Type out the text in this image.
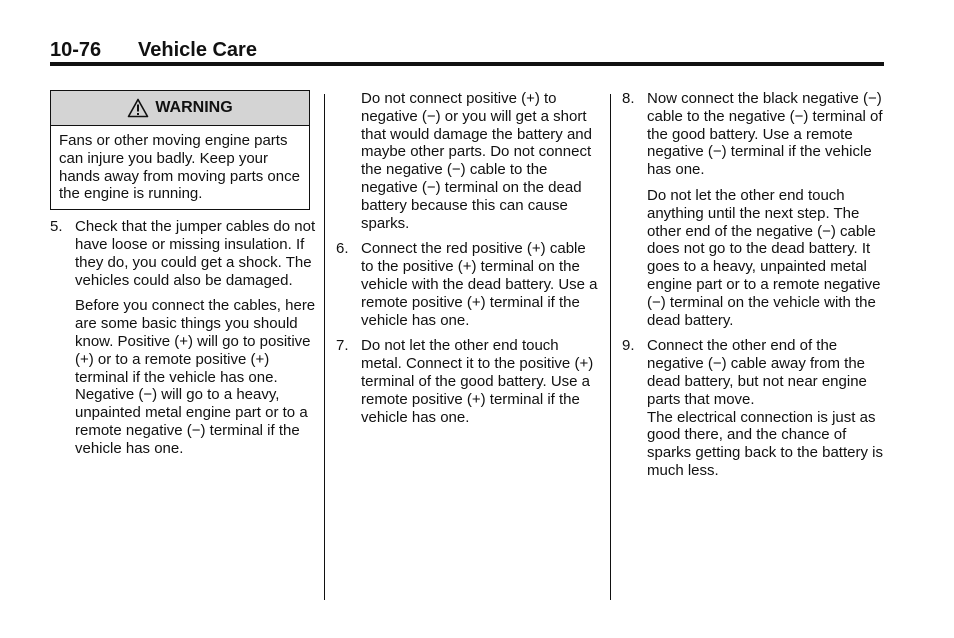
10-76 Vehicle Care
WARNING
Fans or other moving engine parts can injure you badly. Keep your hands away from moving parts once the engine is running.
5. Check that the jumper cables do not have loose or missing insulation. If they do, you could get a shock. The vehicles could also be damaged.
Before you connect the cables, here are some basic things you should know. Positive (+) will go to positive (+) or to a remote positive (+) terminal if the vehicle has one. Negative (−) will go to a heavy, unpainted metal engine part or to a remote negative (−) terminal if the vehicle has one.
Do not connect positive (+) to negative (−) or you will get a short that would damage the battery and maybe other parts. Do not connect the negative (−) cable to the negative (−) terminal on the dead battery because this can cause sparks.
6. Connect the red positive (+) cable to the positive (+) terminal on the vehicle with the dead battery. Use a remote positive (+) terminal if the vehicle has one.
7. Do not let the other end touch metal. Connect it to the positive (+) terminal of the good battery. Use a remote positive (+) terminal if the vehicle has one.
8. Now connect the black negative (−) cable to the negative (−) terminal of the good battery. Use a remote negative (−) terminal if the vehicle has one.
Do not let the other end touch anything until the next step. The other end of the negative (−) cable does not go to the dead battery. It goes to a heavy, unpainted metal engine part or to a remote negative (−) terminal on the vehicle with the dead battery.
9. Connect the other end of the negative (−) cable away from the dead battery, but not near engine parts that move.
The electrical connection is just as good there, and the chance of sparks getting back to the battery is much less.
